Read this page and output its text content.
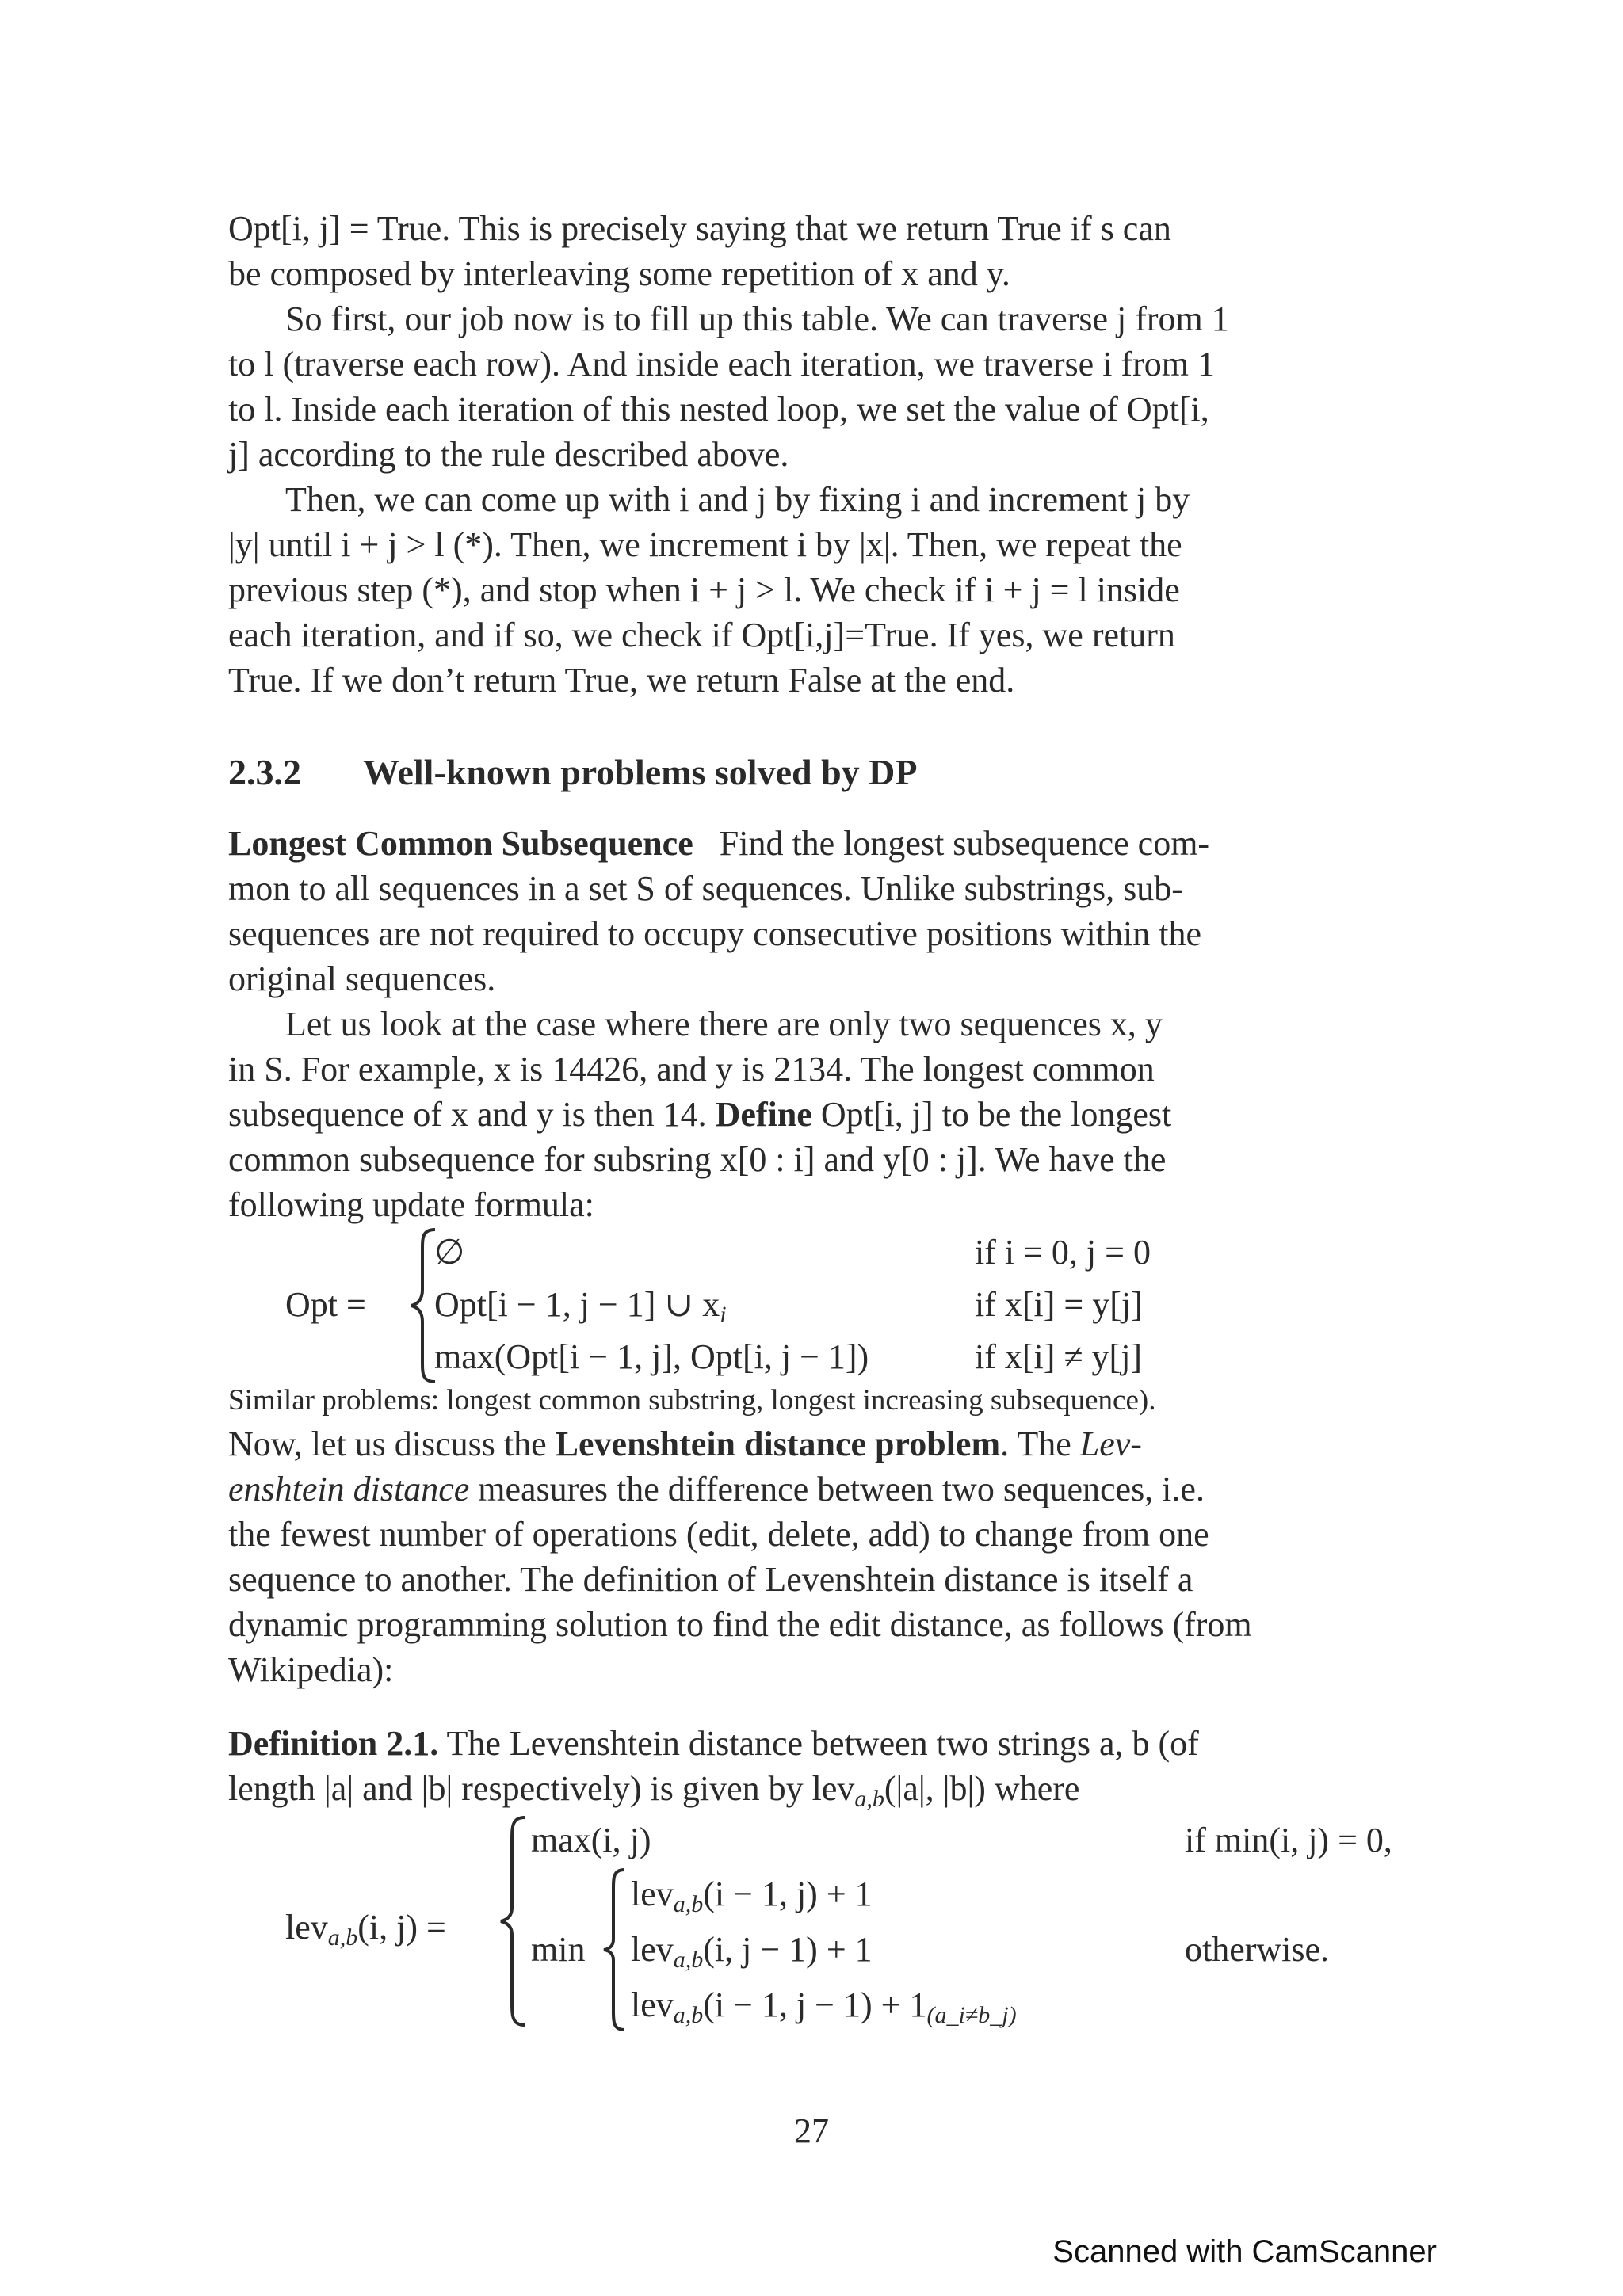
Opt[i, j] = True. This is precisely saying that we return True if s can

be composed by interleaving some repetition of x and y.

So first, our job now is to fill up this table. We can traverse j from 1

to l (traverse each row). And inside each iteration, we traverse i from 1

to l. Inside each iteration of this nested loop, we set the value of Opt[i,

j] according to the rule described above.

Then, we can come up with i and j by fixing i and increment j by

|y| until i + j > l (*). Then, we increment i by |x|. Then, we repeat the

previous step (*), and stop when i + j > l. We check if i + j = l inside

each iteration, and if so, we check if Opt[i,j]=True. If yes, we return

True. If we don’t return True, we return False at the end.

2.3.2 Well-known problems solved by DP

Longest Common Subsequence Find the longest subsequence com-

mon to all sequences in a set S of sequences. Unlike substrings, sub-

sequences are not required to occupy consecutive positions within the

original sequences.

Let us look at the case where there are only two sequences x, y

in S. For example, x is 14426, and y is 2134. The longest common

subsequence of x and y is then 14. Define Opt[i, j] to be the longest

common subsequence for subsring x[0 : i] and y[0 : j]. We have the

following update formula:

Opt =
∅
Opt[i − 1, j − 1] ∪ $x_i$
max(Opt[i − 1, j], Opt[i, j − 1])
if i = 0, j = 0
if x[i] = y[j]
if x[i] ≠ y[j]
Similar problems: longest common substring, longest increasing subsequence).

Now, let us discuss the Levenshtein distance problem. The Lev-

enshtein distance measures the difference between two sequences, i.e.

the fewest number of operations (edit, delete, add) to change from one

sequence to another. The definition of Levenshtein distance is itself a

dynamic programming solution to find the edit distance, as follows (from

Wikipedia):

Definition 2.1. The Levenshtein distance between two strings a, b (of

length |a| and |b| respectively) is given by lev$_{a,b}$(|a|, |b|) where

lev$_{a,b}$(i, j) =
max(i, j)	if min(i, j) = 0,
min
lev$_{a,b}$(i − 1, j) + 1
lev$_{a,b}$(i, j − 1) + 1
lev$_{a,b}$(i − 1, $j - 1) + 1_{(a\_i\ne b\_j)}$
otherwise.
27
Scanned with CamScanner
